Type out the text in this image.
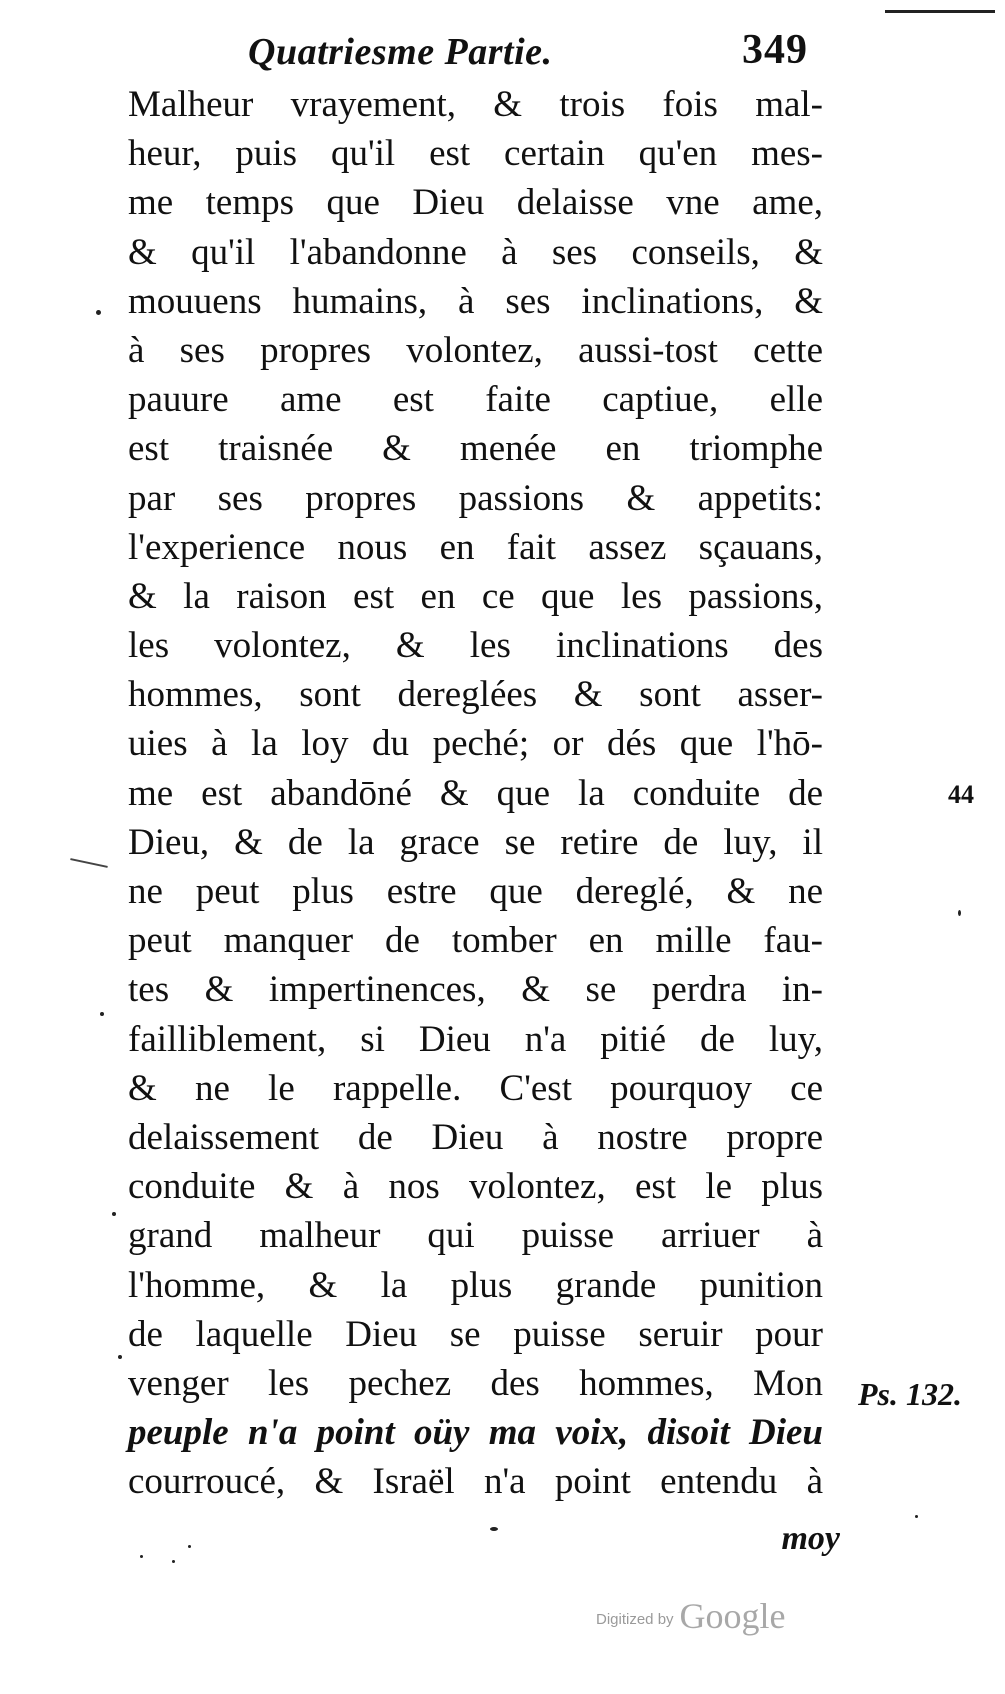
Quatriesme Partie.	349
Malheur vrayement, & trois fois mal-
heur, puis qu'il est certain qu'en mes-
me temps que Dieu delaisse vne ame,
& qu'il l'abandonne à ses conseils, &
mouuens humains, à ses inclinations, &
à ses propres volontez, aussi-tost cette
pauure ame est faite captiue, elle
est traisnée & menée en triomphe
par ses propres passions & appetits:
l'experience nous en fait assez sçauans,
& la raison est en ce que les passions,
les volontez, & les inclinations des
hommes, sont dereglées & sont asser-
uies à la loy du peché; or dés que l'hō-
me est abandōné & que la conduite de
Dieu, & de la grace se retire de luy, il
ne peut plus estre que dereglé, & ne
peut manquer de tomber en mille fau-
tes & impertinences, & se perdra in-
failliblement, si Dieu n'a pitié de luy,
& ne le rappelle. C'est pourquoy ce
delaissement de Dieu à nostre propre
conduite & à nos volontez, est le plus
grand malheur qui puisse arriuer à
l'homme, & la plus grande punition
de laquelle Dieu se puisse seruir pour
venger les pechez des hommes, Mon
peuple n'a point oüy ma voix, disoit Dieu
courroucé, & Israël n'a point entendu à
moy
Ps. 132.
44
Digitized by Google
